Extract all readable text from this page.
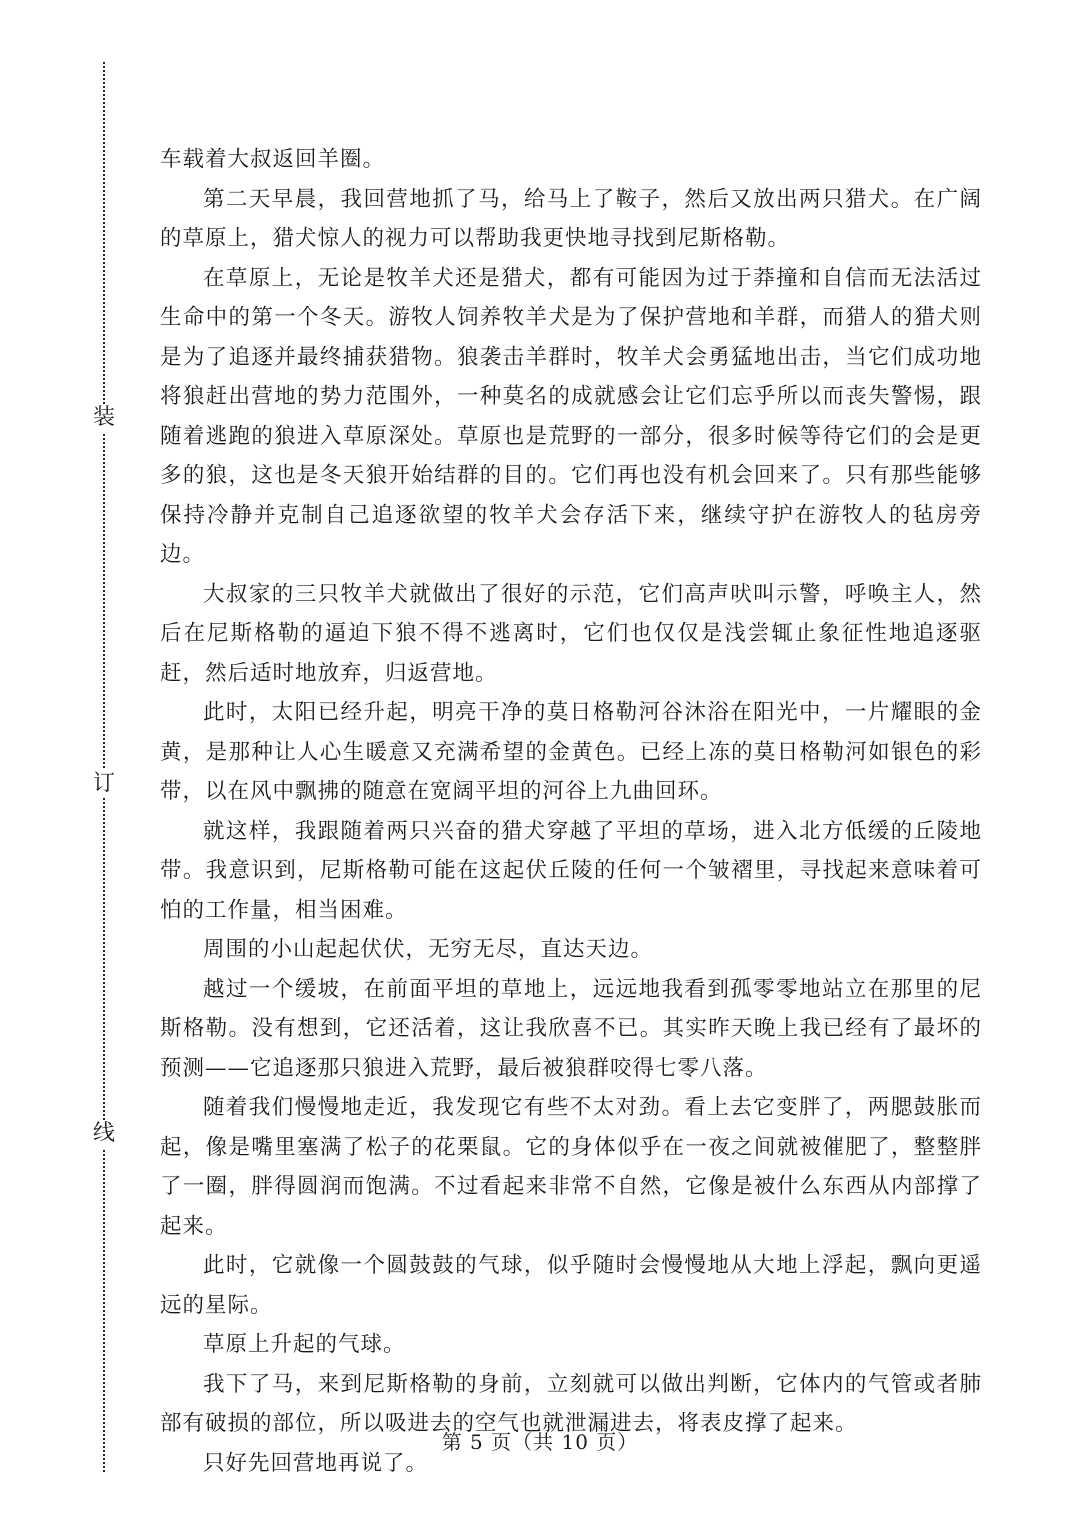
装
订
线

车载着大叔返回羊圈。

第二天早晨，我回营地抓了马，给马上了鞍子，然后又放出两只猎犬。在广阔的草原上，猎犬惊人的视力可以帮助我更快地寻找到尼斯格勒。

在草原上，无论是牧羊犬还是猎犬，都有可能因为过于莽撞和自信而无法活过生命中的第一个冬天。游牧人饲养牧羊犬是为了保护营地和羊群，而猎人的猎犬则是为了追逐并最终捕获猎物。狼袭击羊群时，牧羊犬会勇猛地出击，当它们成功地将狼赶出营地的势力范围外，一种莫名的成就感会让它们忘乎所以而丧失警惕，跟随着逃跑的狼进入草原深处。草原也是荒野的一部分，很多时候等待它们的会是更多的狼，这也是冬天狼开始结群的目的。它们再也没有机会回来了。只有那些能够保持冷静并克制自己追逐欲望的牧羊犬会存活下来，继续守护在游牧人的毡房旁边。

大叔家的三只牧羊犬就做出了很好的示范，它们高声吠叫示警，呼唤主人，然后在尼斯格勒的逼迫下狼不得不逃离时，它们也仅仅是浅尝辄止象征性地追逐驱赶，然后适时地放弃，归返营地。

此时，太阳已经升起，明亮干净的莫日格勒河谷沐浴在阳光中，一片耀眼的金黄，是那种让人心生暖意又充满希望的金黄色。已经上冻的莫日格勒河如银色的彩带，以在风中飘拂的随意在宽阔平坦的河谷上九曲回环。

就这样，我跟随着两只兴奋的猎犬穿越了平坦的草场，进入北方低缓的丘陵地带。我意识到，尼斯格勒可能在这起伏丘陵的任何一个皱褶里，寻找起来意味着可怕的工作量，相当困难。

周围的小山起起伏伏，无穷无尽，直达天边。

越过一个缓坡，在前面平坦的草地上，远远地我看到孤零零地站立在那里的尼斯格勒。没有想到，它还活着，这让我欣喜不已。其实昨天晚上我已经有了最坏的预测——它追逐那只狼进入荒野，最后被狼群咬得七零八落。

随着我们慢慢地走近，我发现它有些不太对劲。看上去它变胖了，两腮鼓胀而起，像是嘴里塞满了松子的花栗鼠。它的身体似乎在一夜之间就被催肥了，整整胖了一圈，胖得圆润而饱满。不过看起来非常不自然，它像是被什么东西从内部撑了起来。

此时，它就像一个圆鼓鼓的气球，似乎随时会慢慢地从大地上浮起，飘向更遥远的星际。

草原上升起的气球。

我下了马，来到尼斯格勒的身前，立刻就可以做出判断，它体内的气管或者肺部有破损的部位，所以吸进去的空气也就泄漏进去，将表皮撑了起来。

只好先回营地再说了。

第 5 页（共 10 页）
